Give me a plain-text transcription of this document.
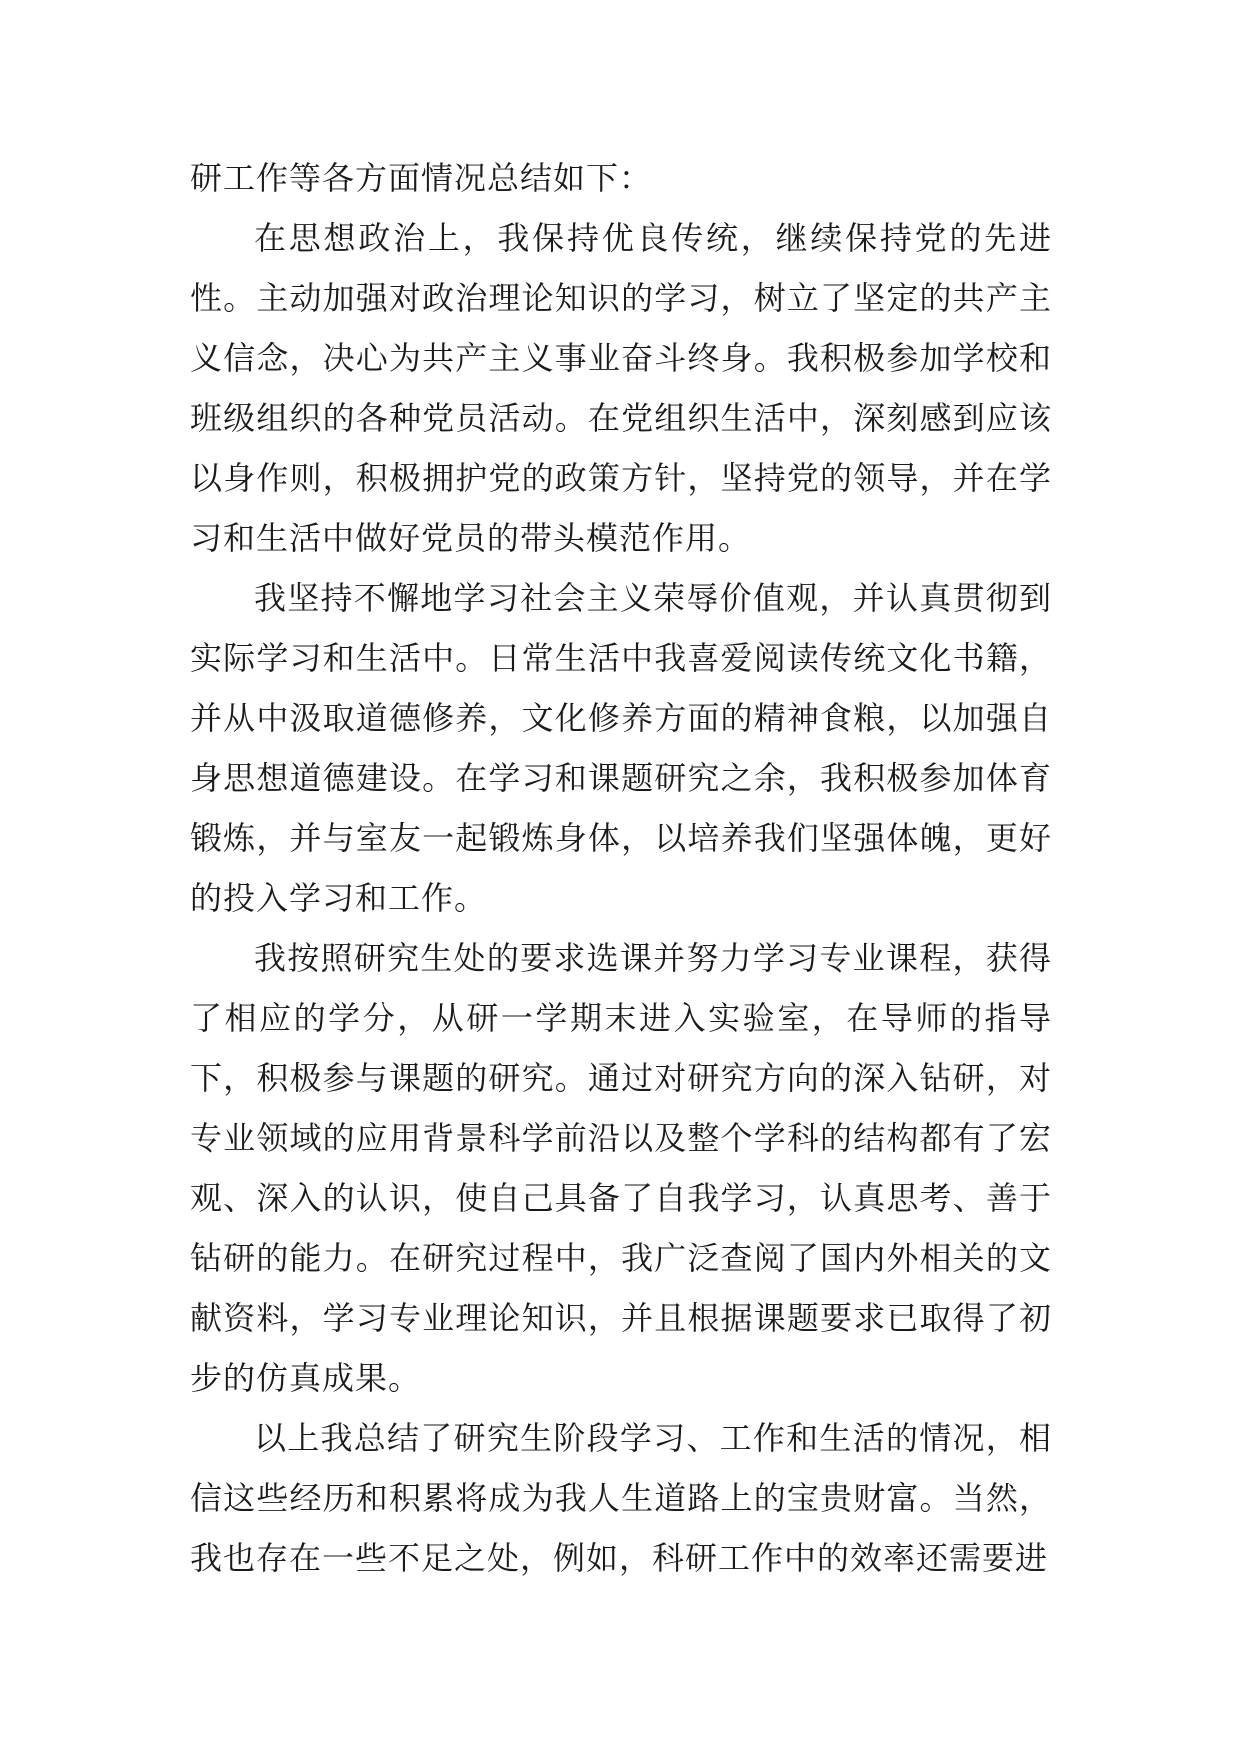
研工作等各方面情况总结如下：

在思想政治上，我保持优良传统，继续保持党的先进性。主动加强对政治理论知识的学习，树立了坚定的共产主义信念，决心为共产主义事业奋斗终身。我积极参加学校和班级组织的各种党员活动。在党组织生活中，深刻感到应该以身作则，积极拥护党的政策方针，坚持党的领导，并在学习和生活中做好党员的带头模范作用。

我坚持不懈地学习社会主义荣辱价值观，并认真贯彻到实际学习和生活中。日常生活中我喜爱阅读传统文化书籍，并从中汲取道德修养，文化修养方面的精神食粮，以加强自身思想道德建设。在学习和课题研究之余，我积极参加体育锻炼，并与室友一起锻炼身体，以培养我们坚强体魄，更好的投入学习和工作。

我按照研究生处的要求选课并努力学习专业课程，获得了相应的学分，从研一学期末进入实验室，在导师的指导下，积极参与课题的研究。通过对研究方向的深入钻研，对专业领域的应用背景科学前沿以及整个学科的结构都有了宏观、深入的认识，使自己具备了自我学习，认真思考、善于钻研的能力。在研究过程中，我广泛查阅了国内外相关的文献资料，学习专业理论知识，并且根据课题要求已取得了初步的仿真成果。

以上我总结了研究生阶段学习、工作和生活的情况，相信这些经历和积累将成为我人生道路上的宝贵财富。当然，我也存在一些不足之处，例如，科研工作中的效率还需要进
